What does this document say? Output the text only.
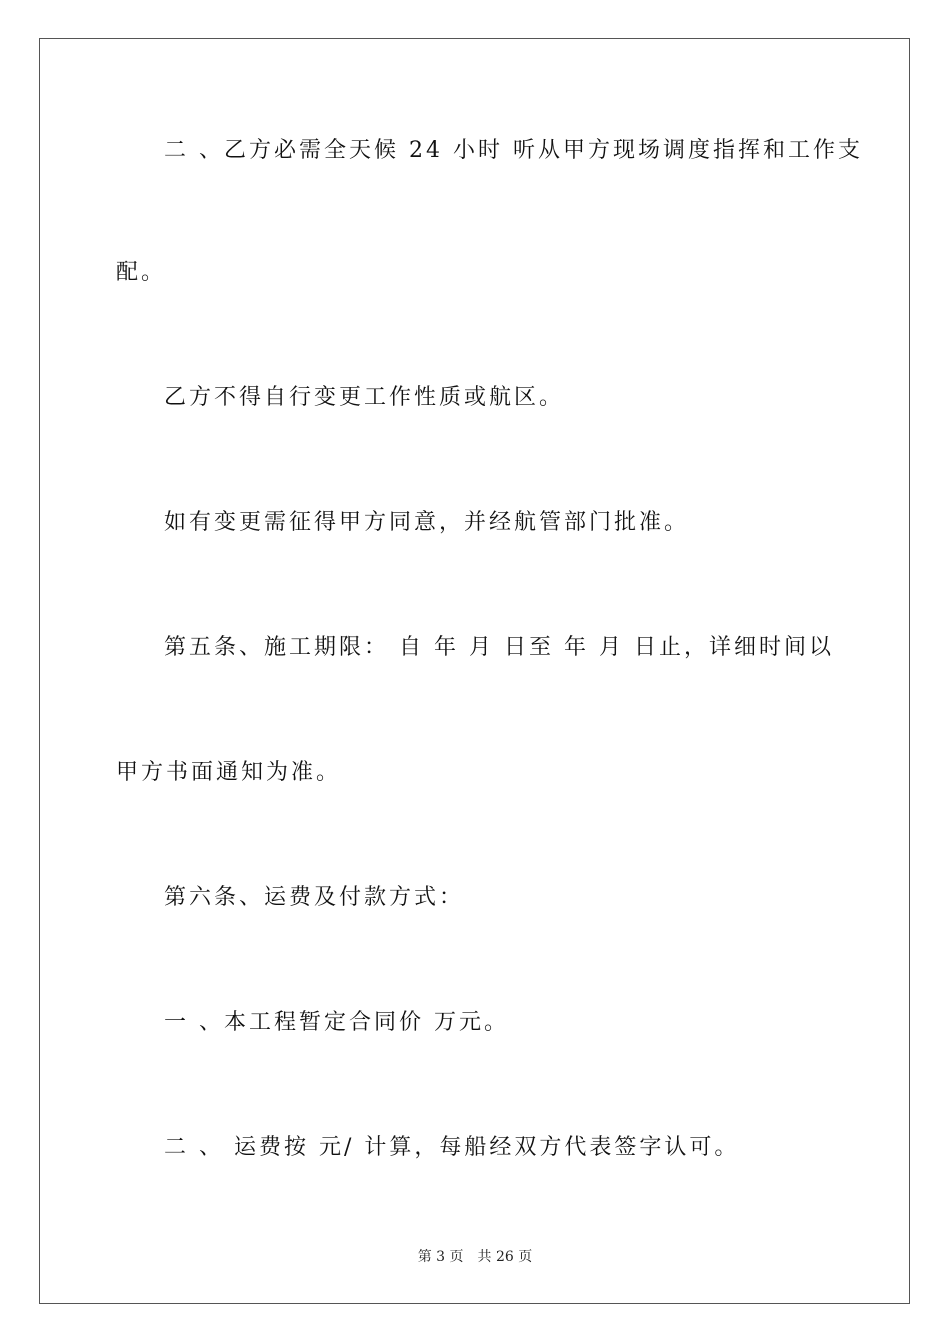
二 、乙方必需全天候 24 小时 听从甲方现场调度指挥和工作支
配。
乙方不得自行变更工作性质或航区。
如有变更需征得甲方同意，并经航管部门批准。
第五条、施工期限： 自 年 月 日至 年 月 日止，详细时间以
甲方书面通知为准。
第六条、运费及付款方式：
一 、本工程暂定合同价 万元。
二 、 运费按 元/ 计算，每船经双方代表签字认可。
第 3 页　共 26 页
